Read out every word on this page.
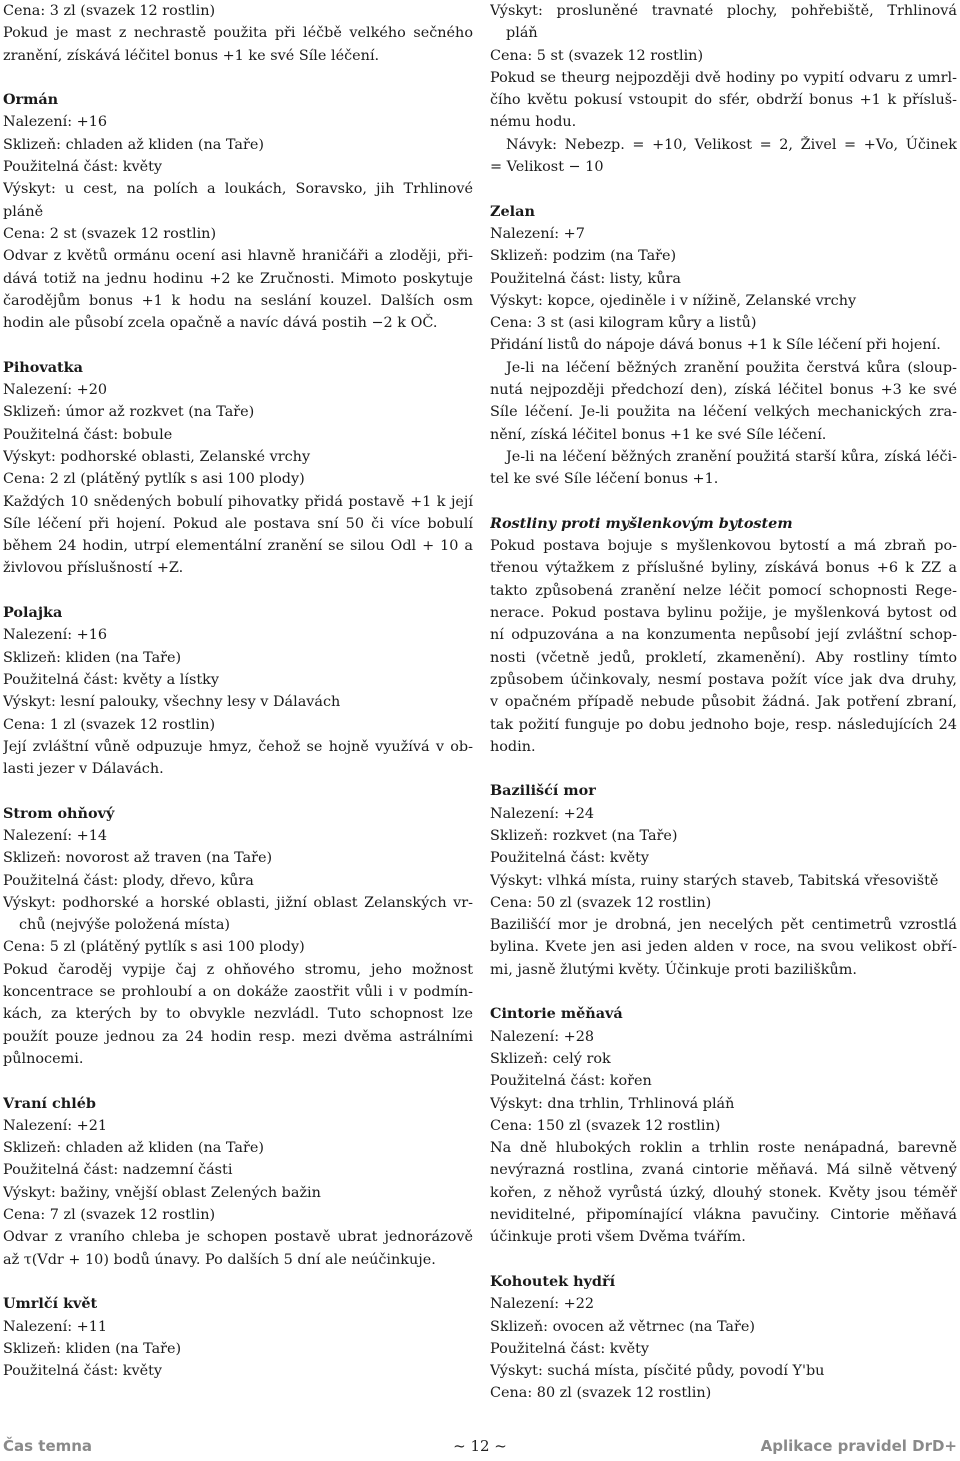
Cena: 3 zl (svazek 12 rostlin)
Pokud je mast z nechrastě použita při léčbě velkého sečného
zranění, získává léčitel bonus +1 ke své Síle léčení.
Ormán
Nalezení: +16
Sklizeň: chladen až kliden (na Taře)
Použitelná část: květy
Výskyt: u cest, na polích a loukách, Soravsko, jih Trhlinové
pláně
Cena: 2 st (svazek 12 rostlin)
Odvar z květů ormánu ocení asi hlavně hraničáři a zloději, při-
dává totiž na jednu hodinu +2 ke Zručnosti. Mimoto poskytuje
čarodějům bonus +1 k hodu na seslání kouzel. Dalších osm
hodin ale působí zcela opačně a navíc dává postih −2 k OČ.
Pihovatka
Nalezení: +20
Sklizeň: úmor až rozkvet (na Taře)
Použitelná část: bobule
Výskyt: podhorské oblasti, Zelanské vrchy
Cena: 2 zl (plátěný pytlík s asi 100 plody)
Každých 10 snědených bobulí pihovatky přidá postavě +1 k její
Síle léčení při hojení. Pokud ale postava sní 50 či více bobulí
během 24 hodin, utrpí elementální zranění se silou Odl + 10 a
živlovou příslušností +Z.
Polajka
Nalezení: +16
Sklizeň: kliden (na Taře)
Použitelná část: květy a lístky
Výskyt: lesní palouky, všechny lesy v Dálavách
Cena: 1 zl (svazek 12 rostlin)
Její zvláštní vůně odpuzuje hmyz, čehož se hojně využívá v ob-
lasti jezer v Dálavách.
Strom ohňový
Nalezení: +14
Sklizeň: novorost až traven (na Taře)
Použitelná část: plody, dřevo, kůra
Výskyt: podhorské a horské oblasti, jižní oblast Zelanských vr-
chů (nejvýše položená místa)
Cena: 5 zl (plátěný pytlík s asi 100 plody)
Pokud čaroděj vypije čaj z ohňového stromu, jeho možnost
koncentrace se prohloubí a on dokáže zaostřit vůli i v podmín-
kách, za kterých by to obvykle nezvládl. Tuto schopnost lze
použít pouze jednou za 24 hodin resp. mezi dvěma astrálními
půlnocemi.
Vraní chléb
Nalezení: +21
Sklizeň: chladen až kliden (na Taře)
Použitelná část: nadzemní části
Výskyt: bažiny, vnější oblast Zelených bažin
Cena: 7 zl (svazek 12 rostlin)
Odvar z vraního chleba je schopen postavě ubrat jednorázově
až τ(Vdr + 10) bodů únavy. Po dalších 5 dní ale neúčinkuje.
Umrlčí květ
Nalezení: +11
Sklizeň: kliden (na Taře)
Použitelná část: květy
Výskyt: prosluněné travnaté plochy, pohřebiště, Trhlinová
pláň
Cena: 5 st (svazek 12 rostlin)
Pokud se theurg nejpozději dvě hodiny po vypití odvaru z umrl-
čího květu pokusí vstoupit do sfér, obdrží bonus +1 k přísluš-
nému hodu.
Návyk: Nebezp. = +10, Velikost = 2, Živel = +Vo, Účinek
= Velikost − 10
Zelan
Nalezení: +7
Sklizeň: podzim (na Taře)
Použitelná část: listy, kůra
Výskyt: kopce, ojediněle i v nížině, Zelanské vrchy
Cena: 3 st (asi kilogram kůry a listů)
Přidání listů do nápoje dává bonus +1 k Síle léčení při hojení.
Je-li na léčení běžných zranění použita čerstvá kůra (sloup-
nutá nejpozději předchozí den), získá léčitel bonus +3 ke své
Síle léčení. Je-li použita na léčení velkých mechanických zra-
nění, získá léčitel bonus +1 ke své Síle léčení.
Je-li na léčení běžných zranění použitá starší kůra, získá léči-
tel ke své Síle léčení bonus +1.
Rostliny proti myšlenkovým bytostem
Pokud postava bojuje s myšlenkovou bytostí a má zbraň po-
třenou výtažkem z příslušné byliny, získává bonus +6 k ZZ a
takto způsobená zranění nelze léčit pomocí schopnosti Rege-
nerace. Pokud postava bylinu požije, je myšlenková bytost od
ní odpuzována a na konzumenta nepůsobí její zvláštní schop-
nosti (včetně jedů, prokletí, zkamenění). Aby rostliny tímto
způsobem účinkovaly, nesmí postava požít více jak dva druhy,
v opačném případě nebude působit žádná. Jak potření zbraní,
tak požití funguje po dobu jednoho boje, resp. následujících 24
hodin.
Bazilišćí mor
Nalezení: +24
Sklizeň: rozkvet (na Taře)
Použitelná část: květy
Výskyt: vlhká místa, ruiny starých staveb, Tabitská vřesoviště
Cena: 50 zl (svazek 12 rostlin)
Bazilišćí mor je drobná, jen necelých pět centimetrů vzrostlá
bylina. Kvete jen asi jeden alden v roce, na svou velikost obří-
mi, jasně žlutými květy. Účinkuje proti baziliškům.
Cintorie měňavá
Nalezení: +28
Sklizeň: celý rok
Použitelná část: kořen
Výskyt: dna trhlin, Trhlinová pláň
Cena: 150 zl (svazek 12 rostlin)
Na dně hlubokých roklin a trhlin roste nenápadná, barevně
nevýrazná rostlina, zvaná cintorie měňavá. Má silně větvený
kořen, z něhož vyrůstá úzký, dlouhý stonek. Květy jsou téměř
neviditelné, připomínající vlákna pavučiny. Cintorie měňavá
účinkuje proti všem Dvěma tvářím.
Kohoutek hydří
Nalezení: +22
Sklizeň: ovocen až větrnec (na Taře)
Použitelná část: květy
Výskyt: suchá místa, písčité půdy, povodí Y'bu
Cena: 80 zl (svazek 12 rostlin)
Čas temna	~ 12 ~	Aplikace pravidel DrD+
